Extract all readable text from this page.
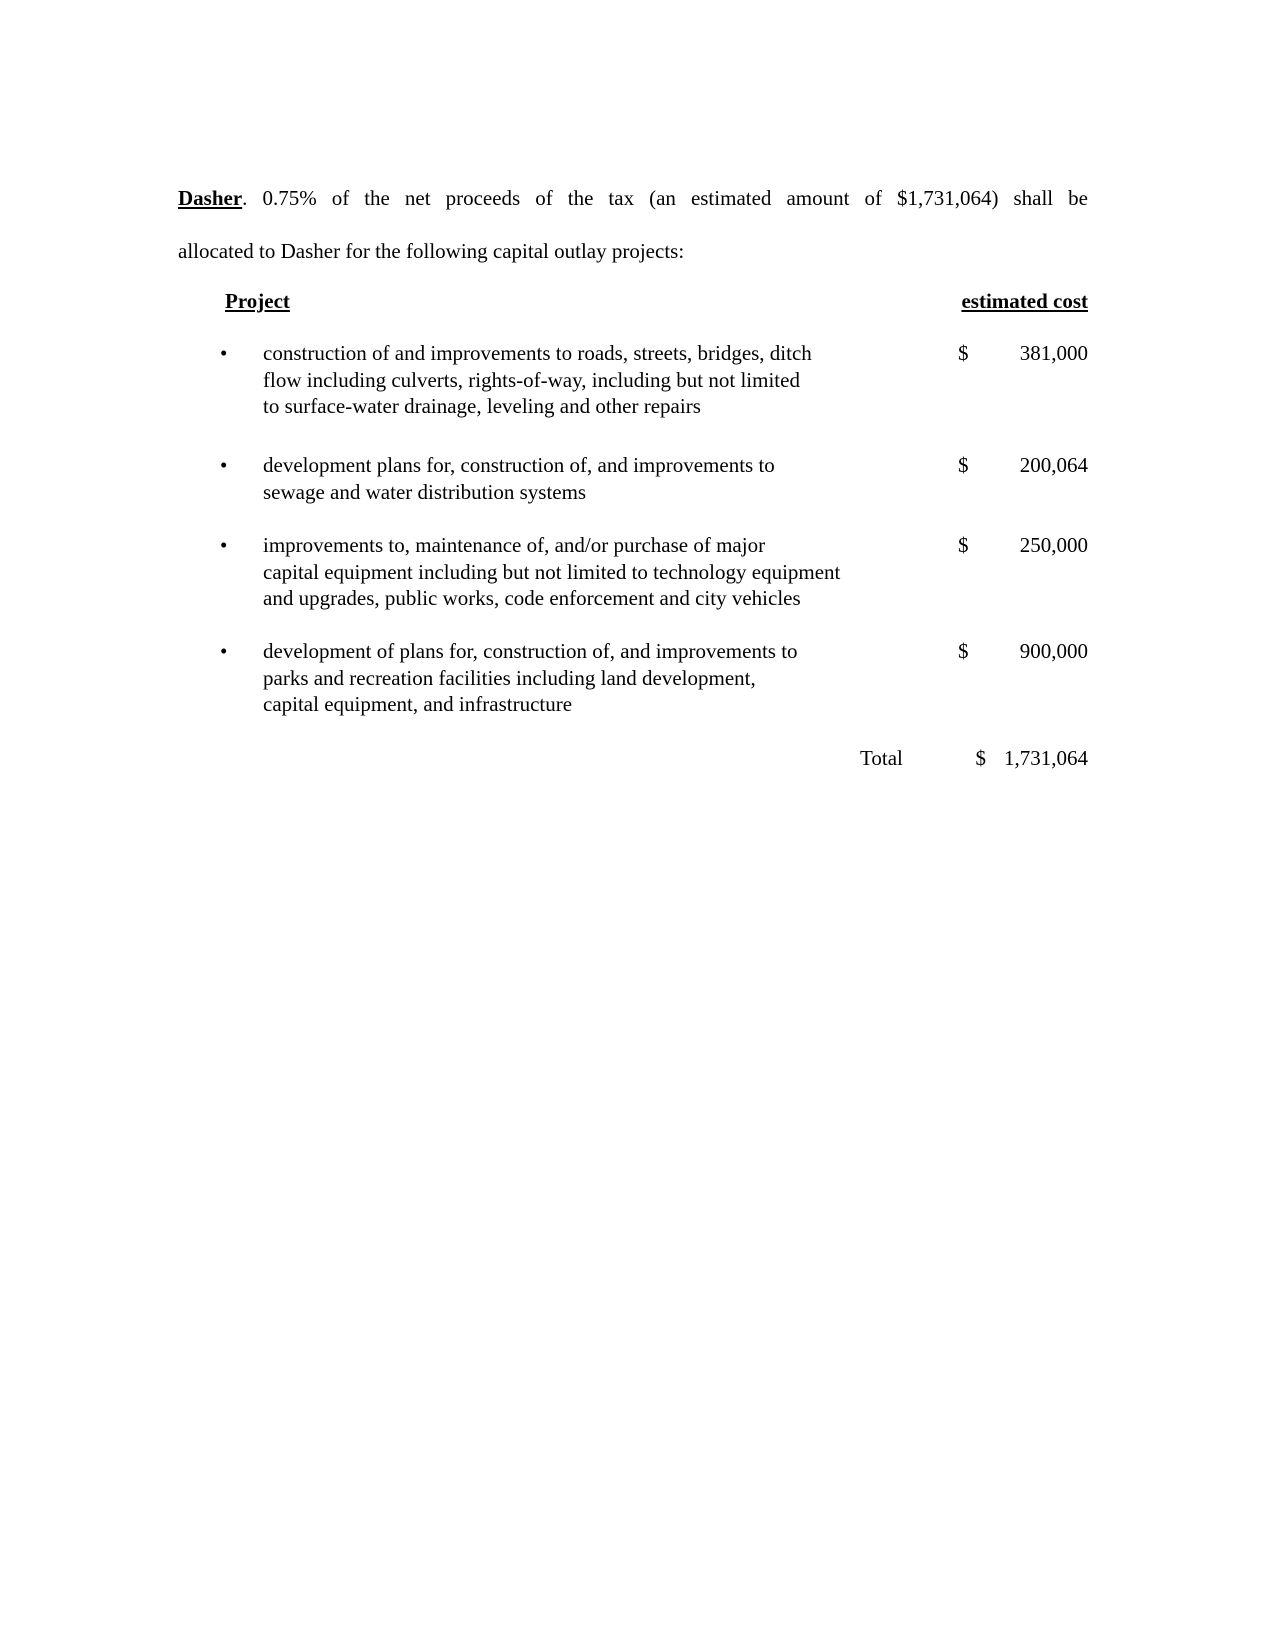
Dasher. 0.75% of the net proceeds of the tax (an estimated amount of $1,731,064) shall be
allocated to Dasher for the following capital outlay projects:
Project	estimated cost
•	construction of and improvements to roads, streets, bridges, ditch
flow including culverts, rights-of-way, including but not limited
to surface-water drainage, leveling and other repairs
$ 381,000
•	development plans for, construction of, and improvements to
sewage and water distribution systems
$ 200,064
•	improvements to, maintenance of, and/or purchase of major
capital equipment including but not limited to technology equipment
and upgrades, public works, code enforcement and city vehicles
$ 250,000
•	development of plans for, construction of, and improvements to
parks and recreation facilities including land development,
capital equipment, and infrastructure
$ 900,000
Total	$ 1,731,064
